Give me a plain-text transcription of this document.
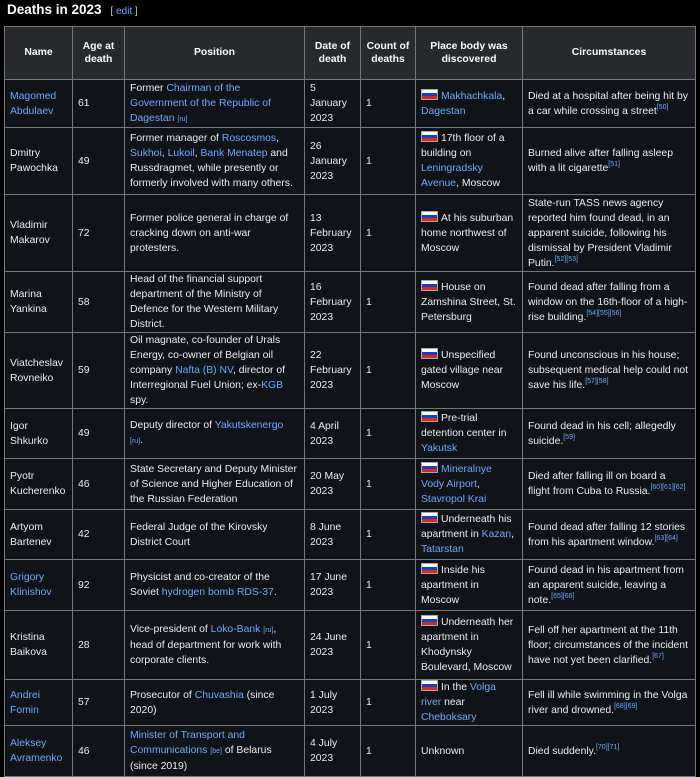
Deaths in 2023 [ edit ]
Name	Age at death	Position	Date of death	Count of deaths	Place body was discovered	Circumstances
Magomed Abdulaev	61	Former Chairman of the Government of the Republic of Dagestan [ru]	5 January 2023	1	Makhachkala, Dagestan	Died at a hospital after being hit by a car while crossing a street[50]
Dmitry Pawochka	49	Former manager of Roscosmos, Sukhoi, Lukoil, Bank Menatep and Russdragmet, while presently or formerly involved with many others.	26 January 2023	1	17th floor of a building on Leningradsky Avenue, Moscow	Burned alive after falling asleep with a lit cigarette[51]
Vladimir Makarov	72	Former police general in charge of cracking down on anti-war protesters.	13 February 2023	1	At his suburban home northwest of Moscow	State-run TASS news agency reported him found dead, in an apparent suicide, following his dismissal by President Vladimir Putin.[52][53]
Marina Yankina	58	Head of the financial support department of the Ministry of Defence for the Western Military District.	16 February 2023	1	House on Zamshina Street, St. Petersburg	Found dead after falling from a window on the 16th-floor of a high-rise building.[54][55][56]
Viatcheslav Rovneiko	59	Oil magnate, co-founder of Urals Energy, co-owner of Belgian oil company Nafta (B) NV, director of Interregional Fuel Union; ex-KGB spy.	22 February 2023	1	Unspecified gated village near Moscow	Found unconscious in his house; subsequent medical help could not save his life.[57][58]
Igor Shkurko	49	Deputy director of Yakutskenergo [ru].	4 April 2023	1	Pre-trial detention center in Yakutsk	Found dead in his cell; allegedly suicide.[59]
Pyotr Kucherenko	46	State Secretary and Deputy Minister of Science and Higher Education of the Russian Federation	20 May 2023	1	Mineralnye Vody Airport, Stavropol Krai	Died after falling ill on board a flight from Cuba to Russia.[60][61][62]
Artyom Bartenev	42	Federal Judge of the Kirovsky District Court	8 June 2023	1	Underneath his apartment in Kazan, Tatarstan	Found dead after falling 12 stories from his apartment window.[63][64]
Grigory Klinishov	92	Physicist and co-creator of the Soviet hydrogen bomb RDS-37.	17 June 2023	1	Inside his apartment in Moscow	Found dead in his apartment from an apparent suicide, leaving a note.[65][66]
Kristina Baikova	28	Vice-president of Loko-Bank [ru], head of department for work with corporate clients.	24 June 2023	1	Underneath her apartment in Khodynsky Boulevard, Moscow	Fell off her apartment at the 11th floor; circumstances of the incident have not yet been clarified.[67]
Andrei Fomin	57	Prosecutor of Chuvashia (since 2020)	1 July 2023	1	In the Volga river near Cheboksary	Fell ill while swimming in the Volga river and drowned.[68][69]
Aleksey Avramenko	46	Minister of Transport and Communications [be] of Belarus (since 2019)	4 July 2023	1	Unknown	Died suddenly.[70][71]
